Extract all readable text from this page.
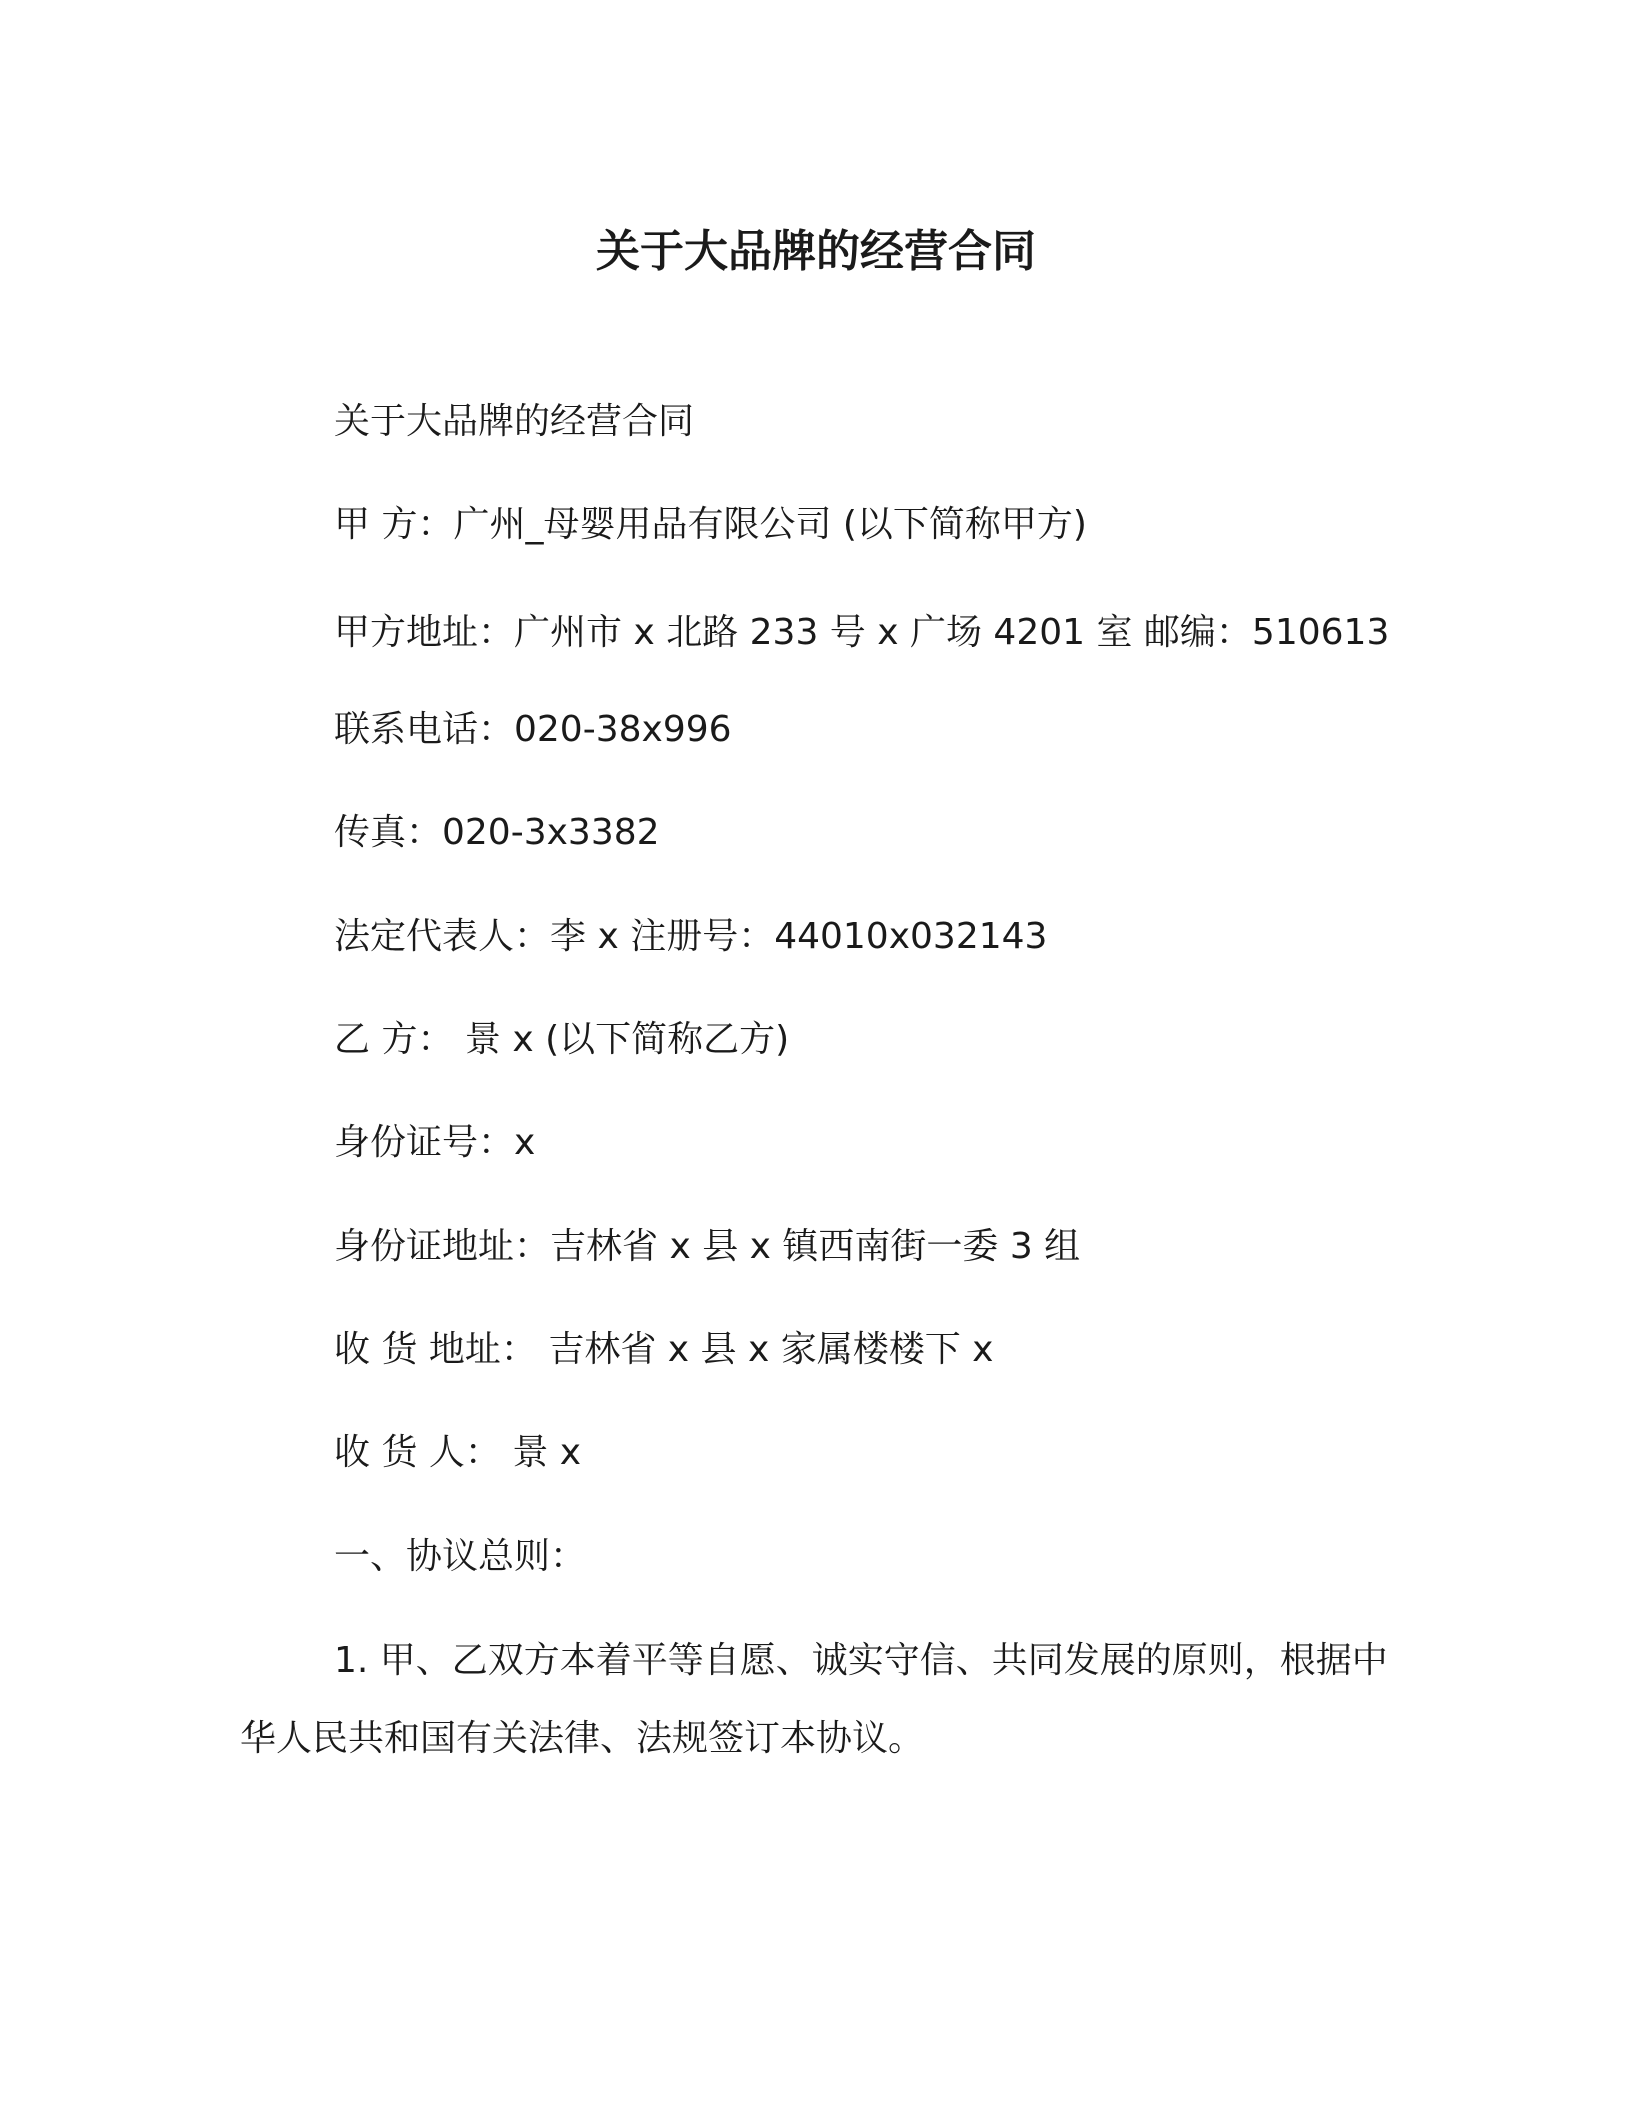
关于大品牌的经营合同
关于大品牌的经营合同
甲 方：广州_母婴用品有限公司 (以下简称甲方)
甲方地址：广州市 x 北路 233 号 x 广场 4201 室 邮编：510613
联系电话：020-38x996
传真：020-3x3382
法定代表人：李 x 注册号：44010x032143
乙 方： 景 x (以下简称乙方)
身份证号：x
身份证地址：吉林省 x 县 x 镇西南街一委 3 组
收 货 地址： 吉林省 x 县 x 家属楼楼下 x
收 货 人： 景 x
一、协议总则：
1. 甲、乙双方本着平等自愿、诚实守信、共同发展的原则，根据中华人民共和国有关法律、法规签订本协议。
